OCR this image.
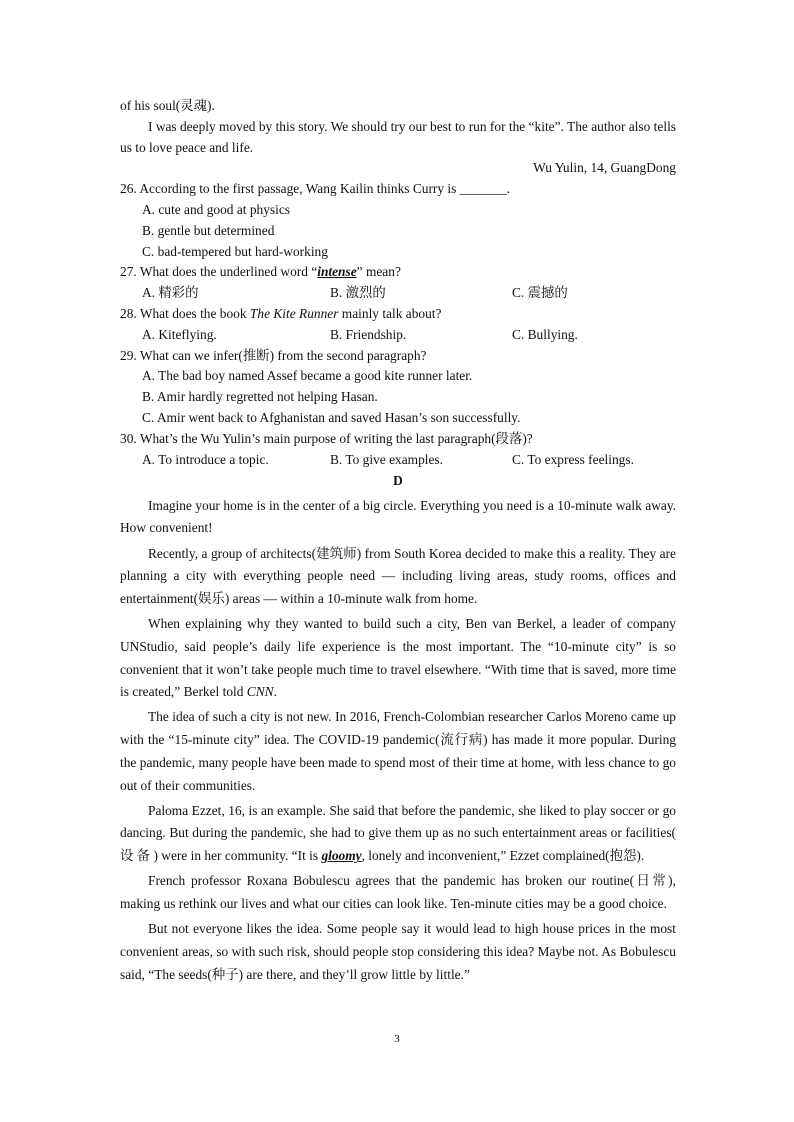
of his soul(灵魂).

I was deeply moved by this story. We should try our best to run for the “kite”. The author also tells us to love peace and life.

Wu Yulin, 14, GuangDong

26. According to the first passage, Wang Kailin thinks Curry is _______.

A. cute and good at physics

B. gentle but determined

C. bad-tempered but hard-working

27. What does the underlined word “intense” mean?

A. 精彩的	B. 激烈的	C. 震撼的

28. What does the book The Kite Runner mainly talk about?

A. Kiteflying.	B. Friendship.	C. Bullying.

29. What can we infer(推断) from the second paragraph?

A. The bad boy named Assef became a good kite runner later.

B. Amir hardly regretted not helping Hasan.

C. Amir went back to Afghanistan and saved Hasan’s son successfully.

30. What’s the Wu Yulin’s main purpose of writing the last paragraph(段落)?

A. To introduce a topic.	B. To give examples.	C. To express feelings.

D

Imagine your home is in the center of a big circle. Everything you need is a 10-minute walk away. How convenient!

Recently, a group of architects(建筑师) from South Korea decided to make this a reality. They are planning a city with everything people need — including living areas, study rooms, offices and entertainment(娱乐) areas — within a 10-minute walk from home.

When explaining why they wanted to build such a city, Ben van Berkel, a leader of company UNStudio, said people’s daily life experience is the most important. The “10-minute city” is so convenient that it won’t take people much time to travel elsewhere. “With time that is saved, more time is created,” Berkel told CNN.

The idea of such a city is not new. In 2016, French-Colombian researcher Carlos Moreno came up with the “15-minute city” idea. The COVID-19 pandemic(流行病) has made it more popular. During the pandemic, many people have been made to spend most of their time at home, with less chance to go out of their communities.

Paloma Ezzet, 16, is an example. She said that before the pandemic, she liked to play soccer or go dancing. But during the pandemic, she had to give them up as no such entertainment areas or facilities( 设 备 ) were in her community. “It is gloomy, lonely and inconvenient,” Ezzet complained(抱怨).

French professor Roxana Bobulescu agrees that the pandemic has broken our routine(日常), making us rethink our lives and what our cities can look like. Ten-minute cities may be a good choice.

But not everyone likes the idea. Some people say it would lead to high house prices in the most convenient areas, so with such risk, should people stop considering this idea? Maybe not. As Bobulescu said, “The seeds(种子) are there, and they’ll grow little by little.”

3
